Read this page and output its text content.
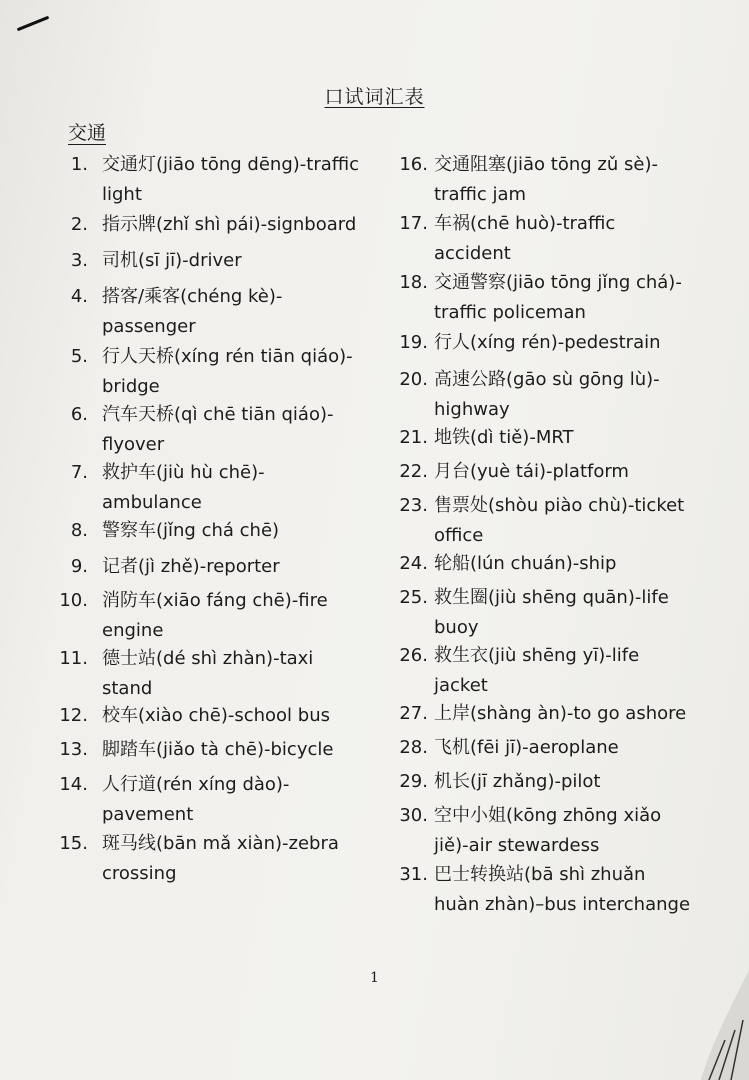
口试词汇表
交通
1. 交通灯(jiāo tōng dēng)-traffic
light
2. 指示牌(zhǐ shì pái)-signboard
3. 司机(sī jī)-driver
4. 搭客/乘客(chéng kè)-
passenger
5. 行人天桥(xíng rén tiān qiáo)-
bridge
6. 汽车天桥(qì chē tiān qiáo)-
flyover
7. 救护车(jiù hù chē)-
ambulance
8. 警察车(jǐng chá chē)
9. 记者(jì zhě)-reporter
10. 消防车(xiāo fáng chē)-fire
engine
11. 德士站(dé shì zhàn)-taxi
stand
12. 校车(xiào chē)-school bus
13. 脚踏车(jiǎo tà chē)-bicycle
14. 人行道(rén xíng dào)-
pavement
15. 斑马线(bān mǎ xiàn)-zebra
crossing
16. 交通阻塞(jiāo tōng zǔ sè)-
traffic jam
17. 车祸(chē huò)-traffic
accident
18. 交通警察(jiāo tōng jǐng chá)-
traffic policeman
19. 行人(xíng rén)-pedestrain
20. 高速公路(gāo sù gōng lù)-
highway
21. 地铁(dì tiě)-MRT
22. 月台(yuè tái)-platform
23. 售票处(shòu piào chù)-ticket
office
24. 轮船(lún chuán)-ship
25. 救生圈(jiù shēng quān)-life
buoy
26. 救生衣(jiù shēng yī)-life
jacket
27. 上岸(shàng àn)-to go ashore
28. 飞机(fēi jī)-aeroplane
29. 机长(jī zhǎng)-pilot
30. 空中小姐(kōng zhōng xiǎo
jiě)-air stewardess
31. 巴士转换站(bā shì zhuǎn
huàn zhàn)–bus interchange
1
